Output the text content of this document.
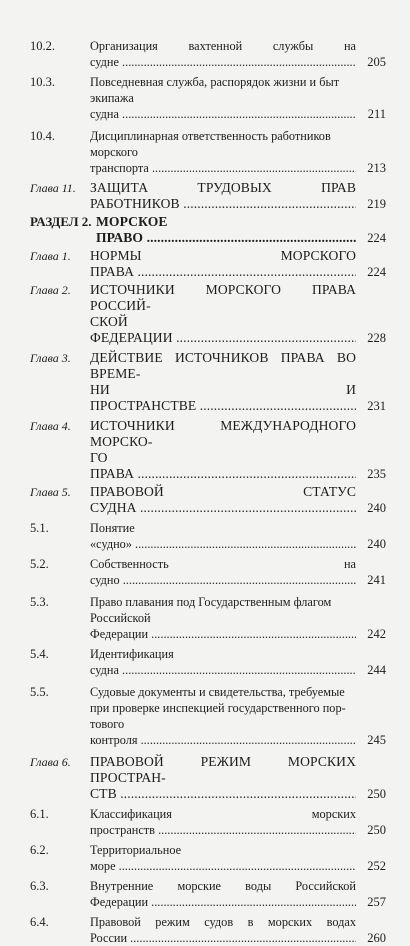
10.2.	Организация вахтенной службы на судне .....	205
10.3.	Повседневная служба, распорядок жизни и быт
экипажа судна .....	211
10.4.	Дисциплинарная ответственность работников
морского транспорта .....	213
Глава 11.	ЗАЩИТА ТРУДОВЫХ ПРАВ РАБОТНИКОВ .....	219
РАЗДЕЛ 2. МОРСКОЕ ПРАВО .....	224
Глава 1.	НОРМЫ МОРСКОГО ПРАВА .....	224
Глава 2.	ИСТОЧНИКИ МОРСКОГО ПРАВА РОССИЙ-
СКОЙ ФЕДЕРАЦИИ .....	228
Глава 3.	ДЕЙСТВИЕ ИСТОЧНИКОВ ПРАВА ВО ВРЕМЕ-
НИ И ПРОСТРАНСТВЕ .....	231
Глава 4.	ИСТОЧНИКИ МЕЖДУНАРОДНОГО МОРСКО-
ГО ПРАВА .....	235
Глава 5.	ПРАВОВОЙ СТАТУС СУДНА .....	240
5.1.	Понятие «судно» .....	240
5.2.	Собственность на судно .....	241
5.3.	Право плавания под Государственным флагом
Российской Федерации .....	242
5.4.	Идентификация судна .....	244
5.5.	Судовые документы и свидетельства, требуемые
при проверке инспекцией государственного пор-
тового контроля .....	245
Глава 6.	ПРАВОВОЙ РЕЖИМ МОРСКИХ ПРОСТРАН-
СТВ .....	250
6.1.	Классификация морских пространств .....	250
6.2.	Территориальное море .....	252
6.3.	Внутренние морские воды Российской Федерации .....	257
6.4.	Правовой режим судов в морских водах России .....	260
